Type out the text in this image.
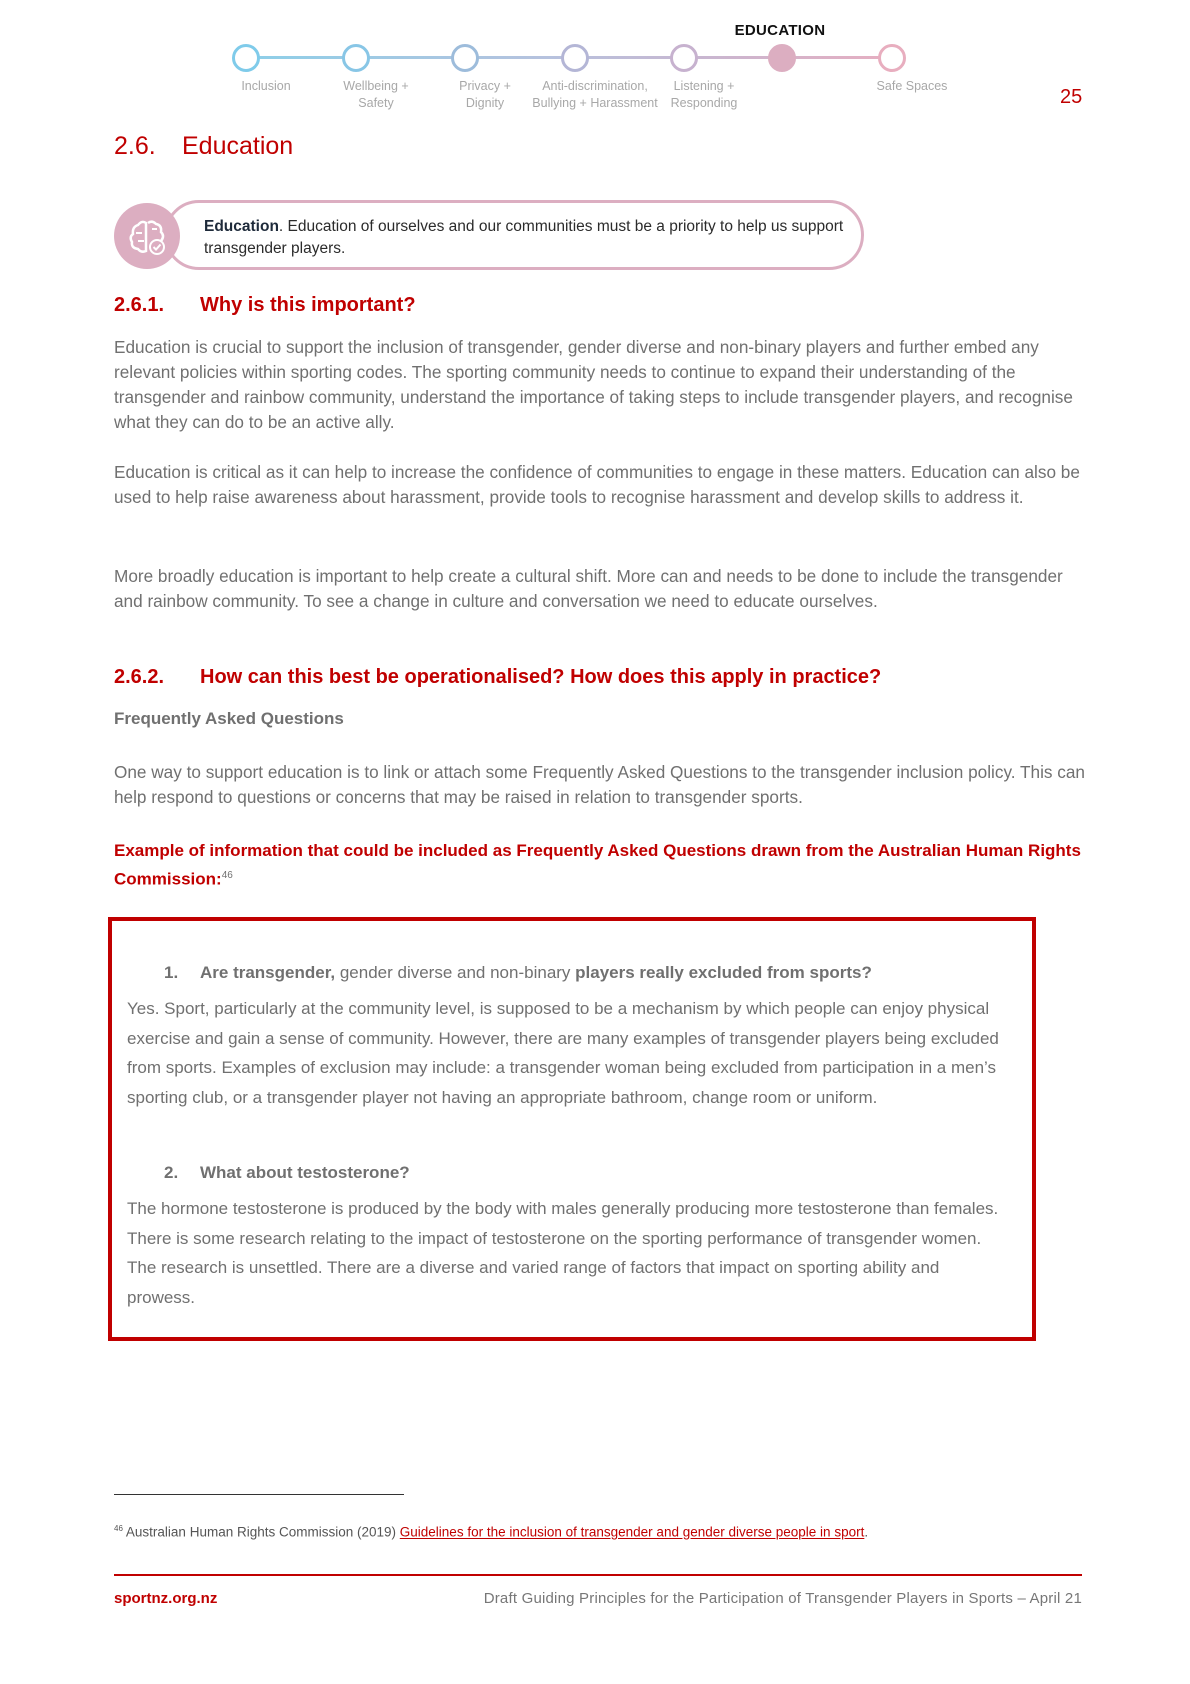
EDUCATION
Inclusion	Wellbeing +
Safety
Privacy +
Dignity
Anti-discrimination,
Bullying + Harassment
Listening +
Responding
Safe Spaces	25
2.6. Education
Education. Education of ourselves and our communities must be a priority to help us support transgender players.
2.6.1. Why is this important?
Education is crucial to support the inclusion of transgender, gender diverse and non-binary players and further embed any relevant policies within sporting codes. The sporting community needs to continue to expand their understanding of the transgender and rainbow community, understand the importance of taking steps to include transgender players, and recognise what they can do to be an active ally.
Education is critical as it can help to increase the confidence of communities to engage in these matters. Education can also be used to help raise awareness about harassment, provide tools to recognise harassment and develop skills to address it.
More broadly education is important to help create a cultural shift. More can and needs to be done to include the transgender and rainbow community. To see a change in culture and conversation we need to educate ourselves.
2.6.2. How can this best be operationalised? How does this apply in practice?
Frequently Asked Questions
One way to support education is to link or attach some Frequently Asked Questions to the transgender inclusion policy. This can help respond to questions or concerns that may be raised in relation to transgender sports.
Example of information that could be included as Frequently Asked Questions drawn from the Australian Human Rights Commission:$^{46}$
1. Are transgender, gender diverse and non-binary players really excluded from sports?
Yes. Sport, particularly at the community level, is supposed to be a mechanism by which people can enjoy physical exercise and gain a sense of community. However, there are many examples of transgender players being excluded from sports. Examples of exclusion may include: a transgender woman being excluded from participation in a men’s sporting club, or a transgender player not having an appropriate bathroom, change room or uniform.
2. What about testosterone?
The hormone testosterone is produced by the body with males generally producing more testosterone than females. There is some research relating to the impact of testosterone on the sporting performance of transgender women. The research is unsettled. There are a diverse and varied range of factors that impact on sporting ability and prowess.
$^{46}$ Australian Human Rights Commission (2019) Guidelines for the inclusion of transgender and gender diverse people in sport.
sportnz.org.nz	Draft Guiding Principles for the Participation of Transgender Players in Sports – April 21
